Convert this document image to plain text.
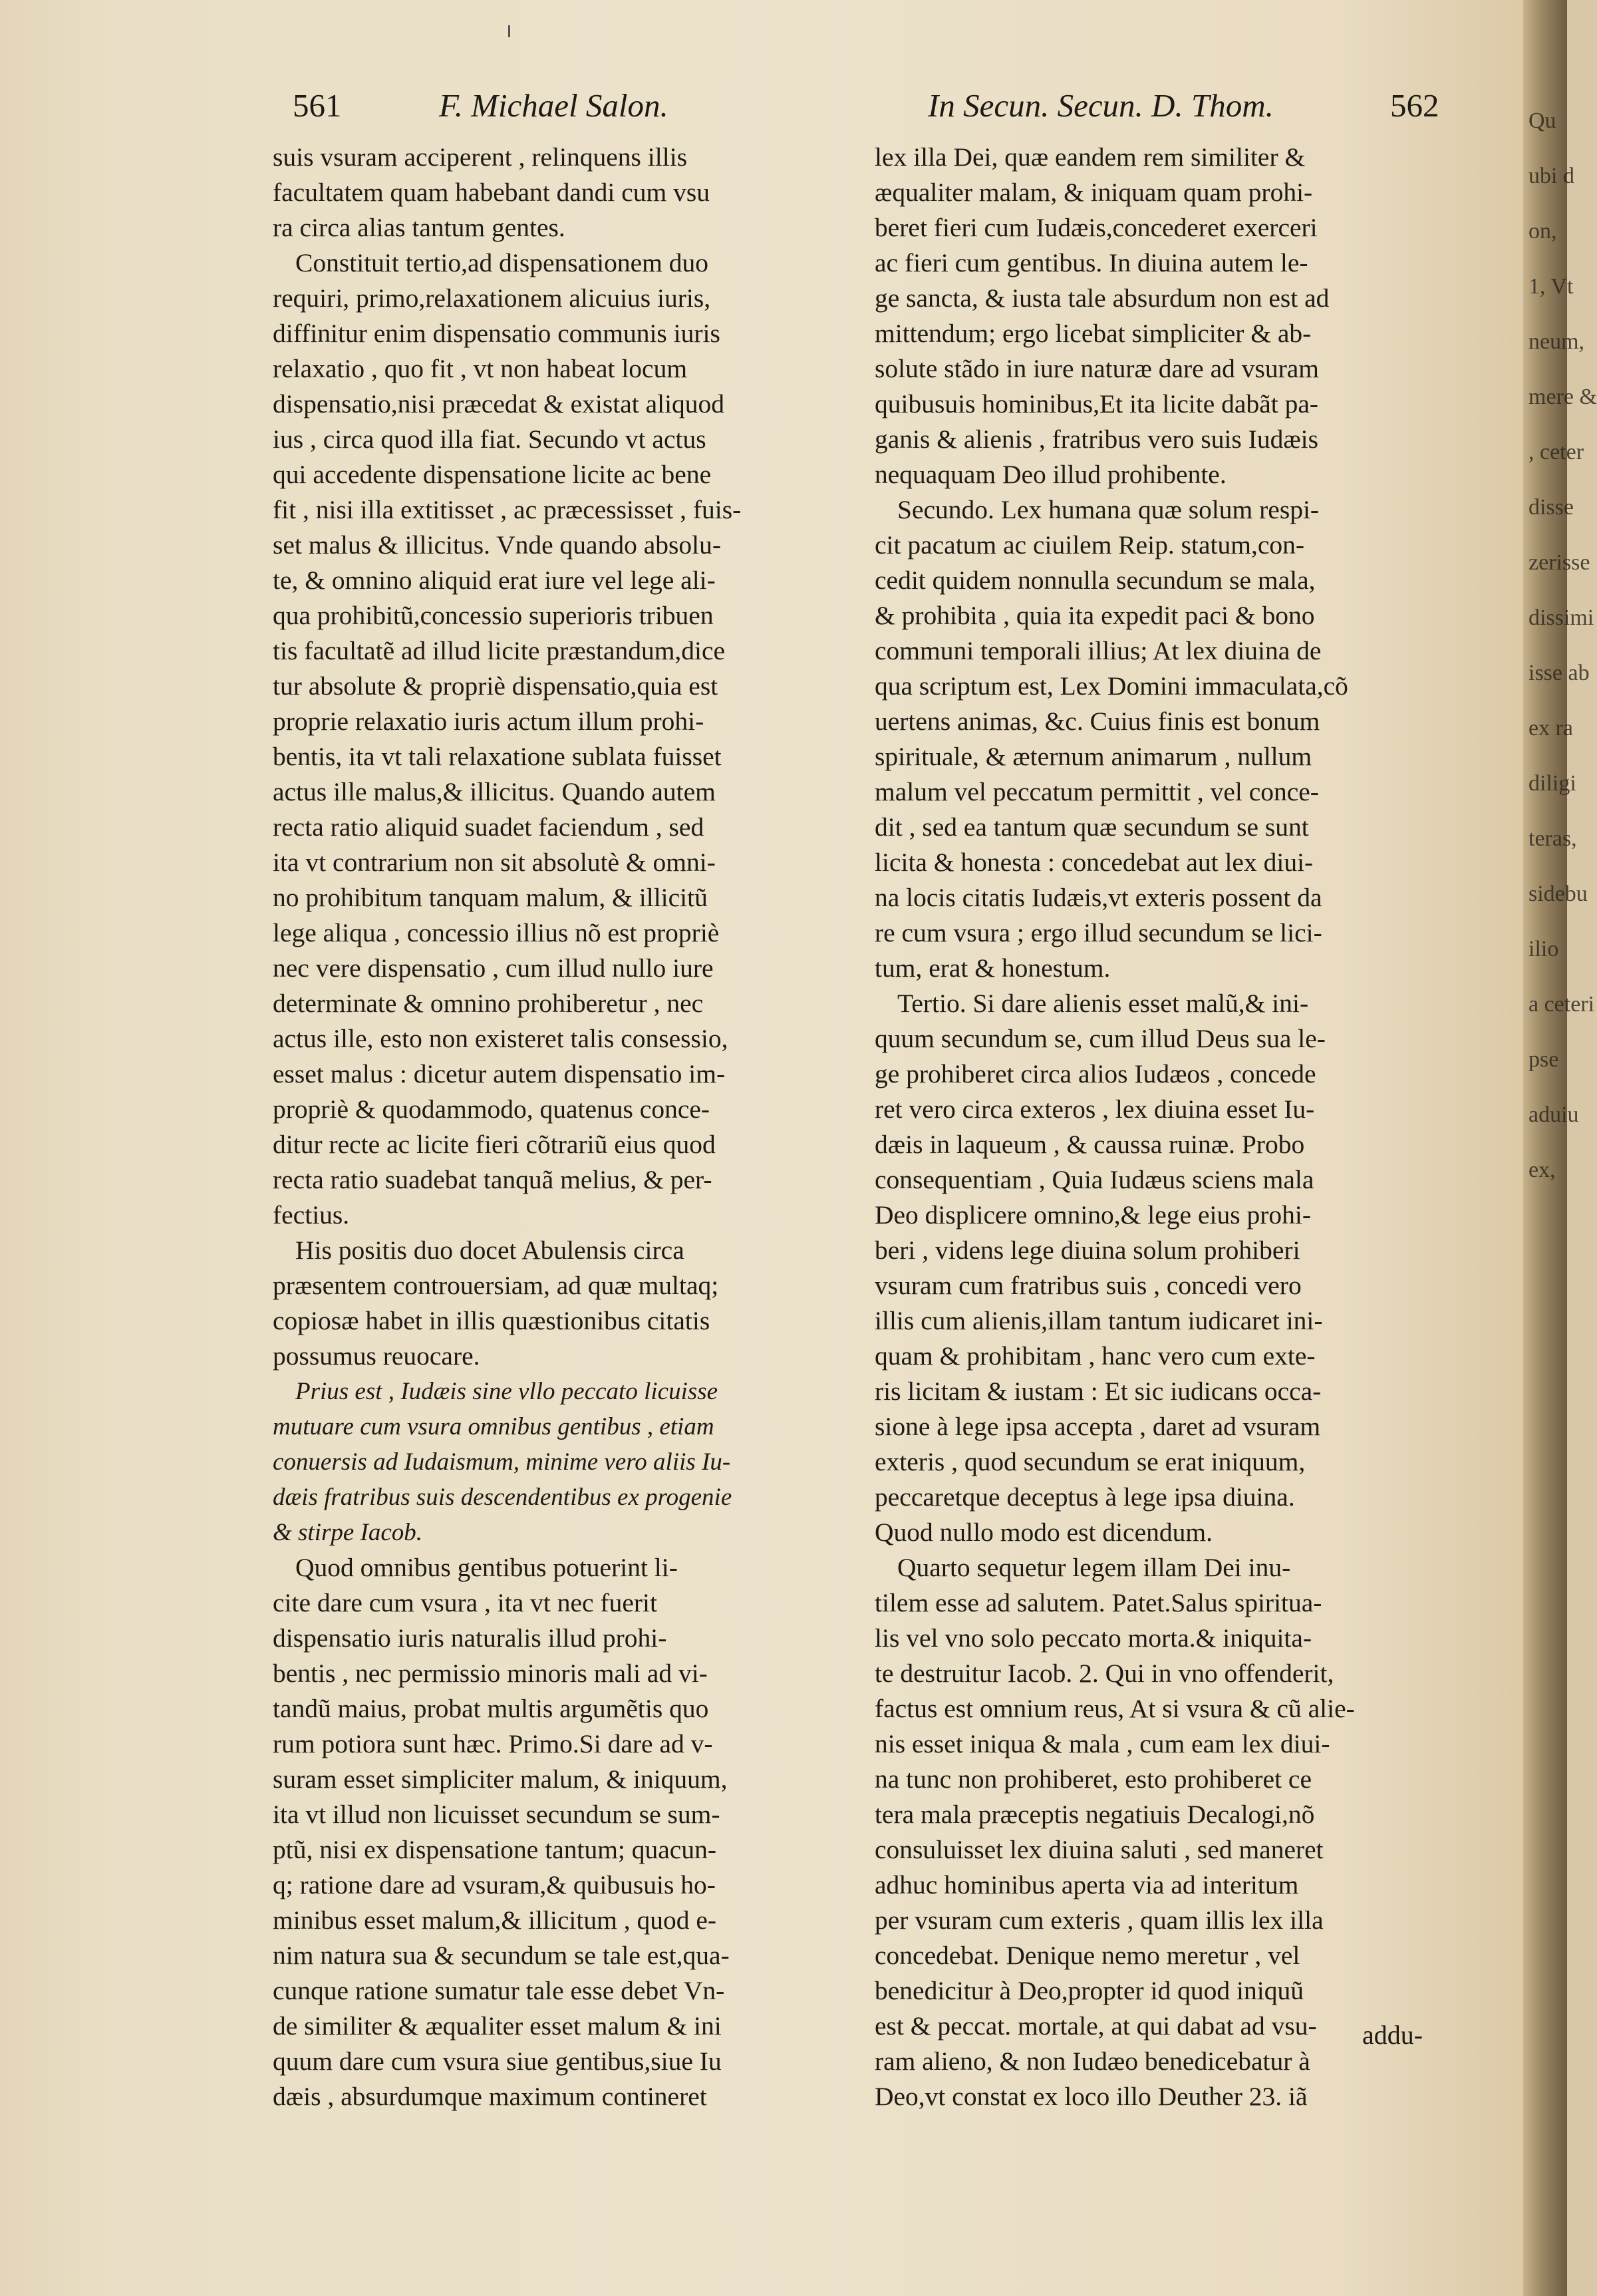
561	F. Michael Salon.	In Secun. Secun. D. Thom.	562
suis vsuram acciperent , relinquens illis
facultatem quam habebant dandi cum vsu
ra circa alias tantum gentes.
Constituit tertio,ad dispensationem duo
requiri, primo,relaxationem alicuius iuris,
diffinitur enim dispensatio communis iuris
relaxatio , quo fit , vt non habeat locum
dispensatio,nisi præcedat & existat aliquod
ius , circa quod illa fiat. Secundo vt actus
qui accedente dispensatione licite ac bene
fit , nisi illa extitisset , ac præcessisset , fuis-
set malus & illicitus. Vnde quando absolu-
te, & omnino aliquid erat iure vel lege ali-
qua prohibitũ,concessio superioris tribuen
tis facultatẽ ad illud licite præstandum,dice
tur absolute & propriè dispensatio,quia est
proprie relaxatio iuris actum illum prohi-
bentis, ita vt tali relaxatione sublata fuisset
actus ille malus,& illicitus. Quando autem
recta ratio aliquid suadet faciendum , sed
ita vt contrarium non sit absolutè & omni-
no prohibitum tanquam malum, & illicitũ
lege aliqua , concessio illius nõ est propriè
nec vere dispensatio , cum illud nullo iure
determinate & omnino prohiberetur , nec
actus ille, esto non existeret talis consessio,
esset malus : dicetur autem dispensatio im-
propriè & quodammodo, quatenus conce-
ditur recte ac licite fieri cõtrariũ eius quod
recta ratio suadebat tanquã melius, & per-
fectius.
His positis duo docet Abulensis circa
præsentem controuersiam, ad quæ multaq;
copiosæ habet in illis quæstionibus citatis
possumus reuocare.
Prius est , Iudæis sine vllo peccato licuisse
mutuare cum vsura omnibus gentibus , etiam
conuersis ad Iudaismum, minime vero aliis Iu-
dæis fratribus suis descendentibus ex progenie
& stirpe Iacob.
Quod omnibus gentibus potuerint li-
cite dare cum vsura , ita vt nec fuerit
dispensatio iuris naturalis illud prohi-
bentis , nec permissio minoris mali ad vi-
tandũ maius, probat multis argumẽtis quo
rum potiora sunt hæc. Primo.Si dare ad v-
suram esset simpliciter malum, & iniquum,
ita vt illud non licuisset secundum se sum-
ptũ, nisi ex dispensatione tantum; quacun-
q; ratione dare ad vsuram,& quibusuis ho-
minibus esset malum,& illicitum , quod e-
nim natura sua & secundum se tale est,qua-
cunque ratione sumatur tale esse debet Vn-
de similiter & æqualiter esset malum & ini
quum dare cum vsura siue gentibus,siue Iu
dæis , absurdumque maximum contineret
lex illa Dei, quæ eandem rem similiter &
æqualiter malam, & iniquam quam prohi-
beret fieri cum Iudæis,concederet exerceri
ac fieri cum gentibus. In diuina autem le-
ge sancta, & iusta tale absurdum non est ad
mittendum; ergo licebat simpliciter & ab-
solute stãdo in iure naturæ dare ad vsuram
quibusuis hominibus,Et ita licite dabãt pa-
ganis & alienis , fratribus vero suis Iudæis
nequaquam Deo illud prohibente.
Secundo. Lex humana quæ solum respi-
cit pacatum ac ciuilem Reip. statum,con-
cedit quidem nonnulla secundum se mala,
& prohibita , quia ita expedit paci & bono
communi temporali illius; At lex diuina de
qua scriptum est, Lex Domini immaculata,cõ
uertens animas, &c. Cuius finis est bonum
spirituale, & æternum animarum , nullum
malum vel peccatum permittit , vel conce-
dit , sed ea tantum quæ secundum se sunt
licita & honesta : concedebat aut lex diui-
na locis citatis Iudæis,vt exteris possent da
re cum vsura ; ergo illud secundum se lici-
tum, erat & honestum.
Tertio. Si dare alienis esset malũ,& ini-
quum secundum se, cum illud Deus sua le-
ge prohiberet circa alios Iudæos , concede
ret vero circa exteros , lex diuina esset Iu-
dæis in laqueum , & caussa ruinæ. Probo
consequentiam , Quia Iudæus sciens mala
Deo displicere omnino,& lege eius prohi-
beri , videns lege diuina solum prohiberi
vsuram cum fratribus suis , concedi vero
illis cum alienis,illam tantum iudicaret ini-
quam & prohibitam , hanc vero cum exte-
ris licitam & iustam : Et sic iudicans occa-
sione à lege ipsa accepta , daret ad vsuram
exteris , quod secundum se erat iniquum,
peccaretque deceptus à lege ipsa diuina.
Quod nullo modo est dicendum.
Quarto sequetur legem illam Dei inu-
tilem esse ad salutem. Patet.Salus spiritua-
lis vel vno solo peccato morta.& iniquita-
te destruitur Iacob. 2. Qui in vno offenderit,
factus est omnium reus, At si vsura & cũ alie-
nis esset iniqua & mala , cum eam lex diui-
na tunc non prohiberet, esto prohiberet ce
tera mala præceptis negatiuis Decalogi,nõ
consuluisset lex diuina saluti , sed maneret
adhuc hominibus aperta via ad interitum
per vsuram cum exteris , quam illis lex illa
concedebat. Denique nemo meretur , vel
benedicitur à Deo,propter id quod iniquũ
est & peccat. mortale, at qui dabat ad vsu-
ram alieno, & non Iudæo benedicebatur à
Deo,vt constat ex loco illo Deuther 23. iã
addu-
Qu
ubi d
on,
1, Vt
neum,
mere &
, ceter
disse
zerisse
dissimi
isse ab
ex ra
diligi
teras,
sidebu
ilio
a ceteri
pse
aduiu
ex,
